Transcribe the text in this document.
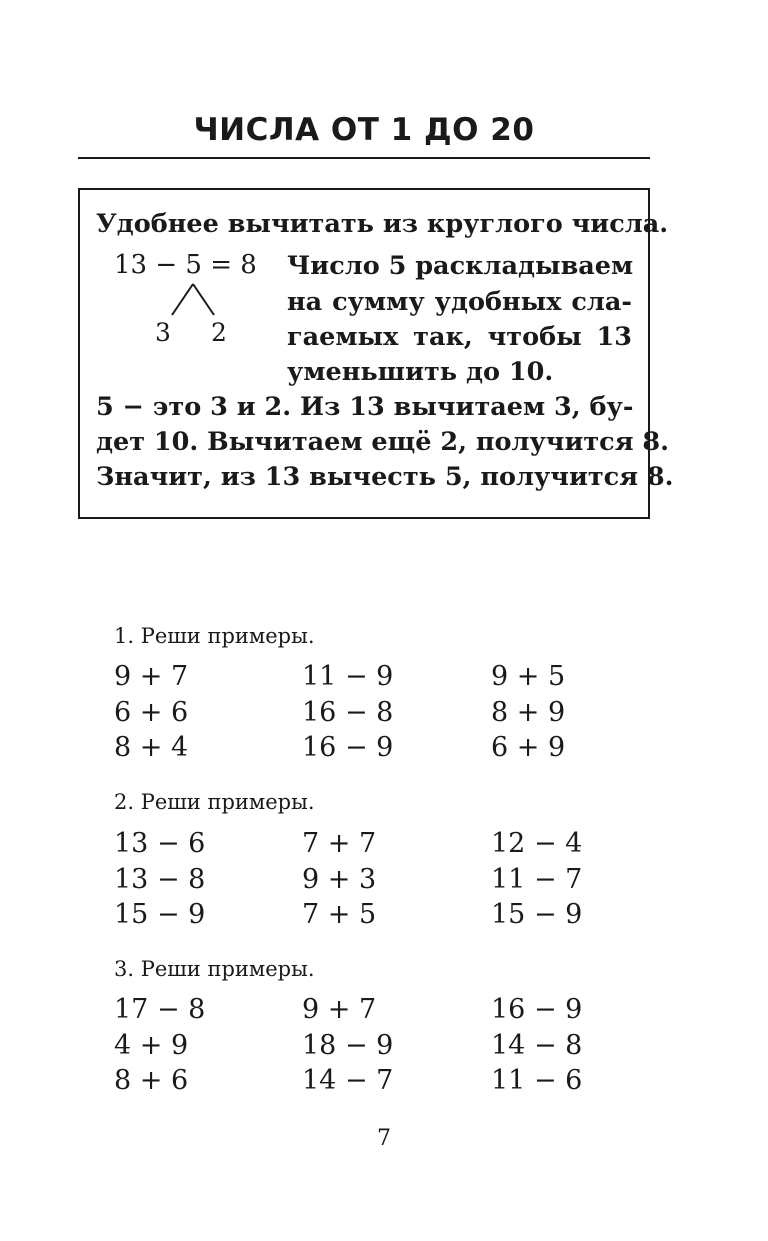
ЧИСЛА ОТ 1 ДО 20
Удобнее вычитать из круглого числа.
13 − 5 = 8
3 2
Число 5 раскладываем
на сумму удобных сла-
гаемых так, чтобы 13
уменьшить до 10.
5 − это 3 и 2. Из 13 вычитаем 3, бу-
дет 10. Вычитаем ещё 2, получится 8.
Значит, из 13 вычесть 5, получится 8.
1. Реши примеры.
9 + 7
6 + 6
8 + 4
11 − 9
16 − 8
16 − 9
9 + 5
8 + 9
6 + 9
2. Реши примеры.
13 − 6
13 − 8
15 − 9
7 + 7
9 + 3
7 + 5
12 − 4
11 − 7
15 − 9
3. Реши примеры.
17 − 8
4 + 9
8 + 6
9 + 7
18 − 9
14 − 7
16 − 9
14 − 8
11 − 6
7
